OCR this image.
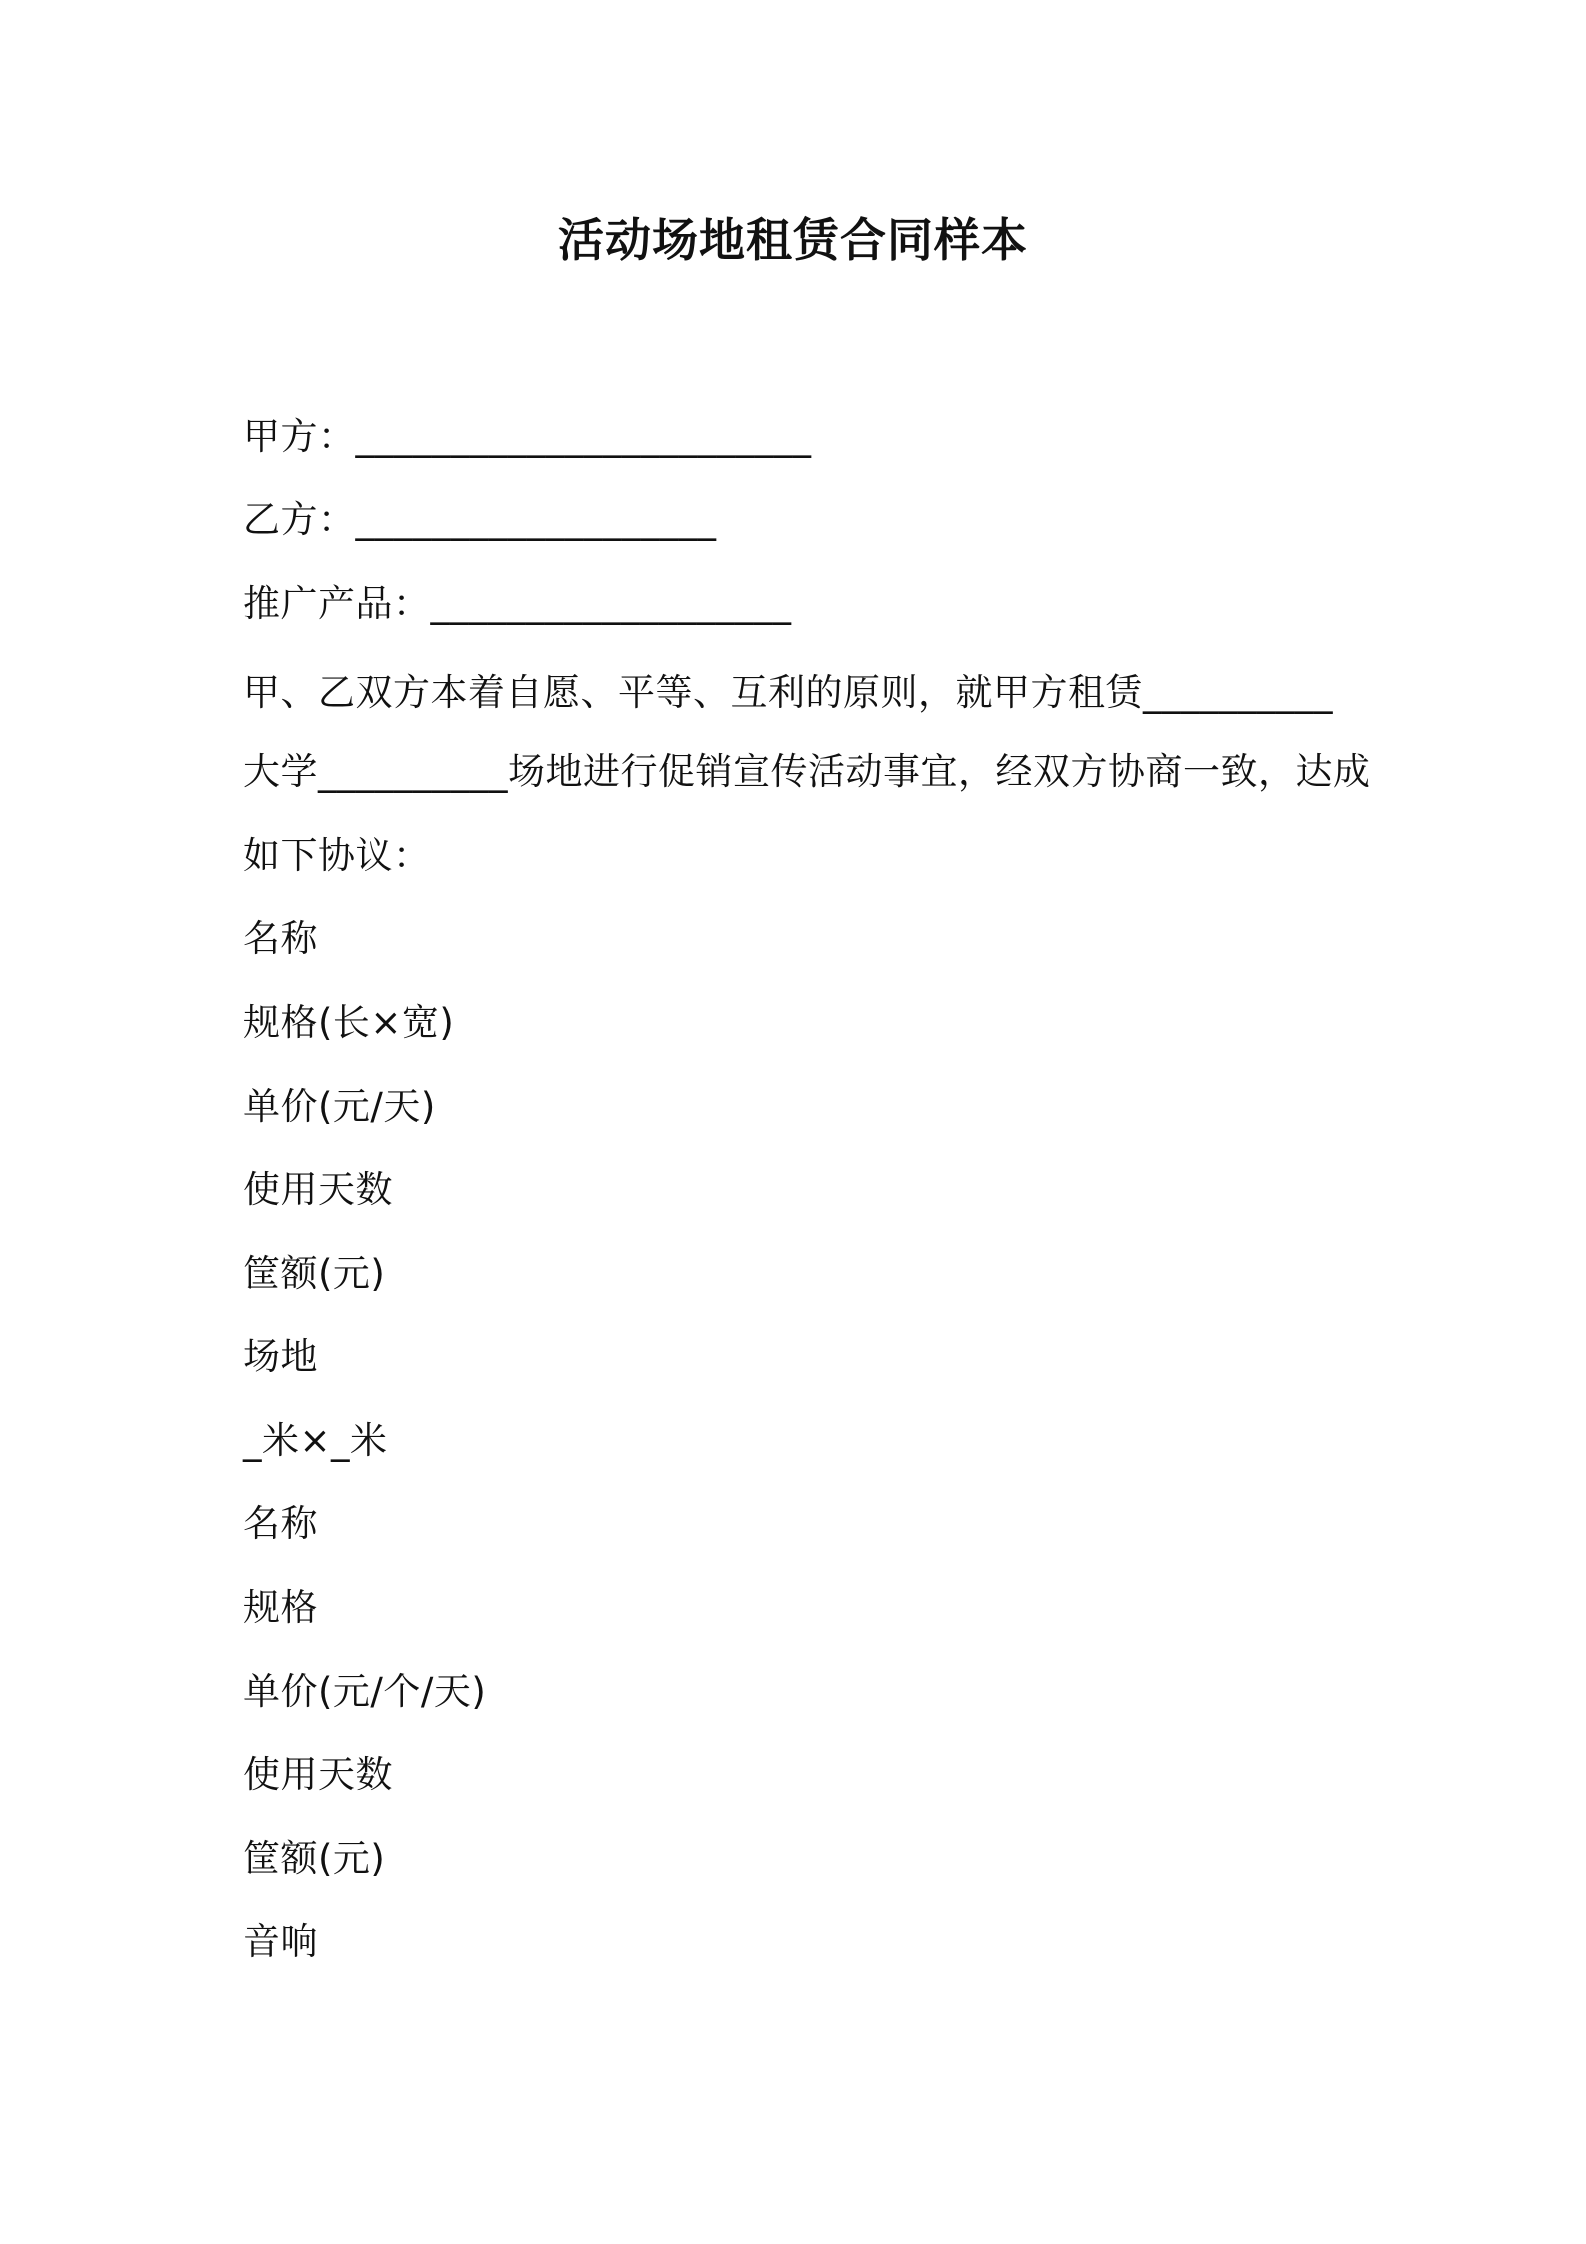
活动场地租赁合同样本
甲方：________________________
乙方：___________________
推广产品：___________________
甲、乙双方本着自愿、平等、互利的原则，就甲方租赁__________
大学__________场地进行促销宣传活动事宜，经双方协商一致，达成
如下协议：
名称
规格(长×宽)
单价(元/天)
使用天数
筐额(元)
场地
_米×_米
名称
规格
单价(元/个/天)
使用天数
筐额(元)
音响
